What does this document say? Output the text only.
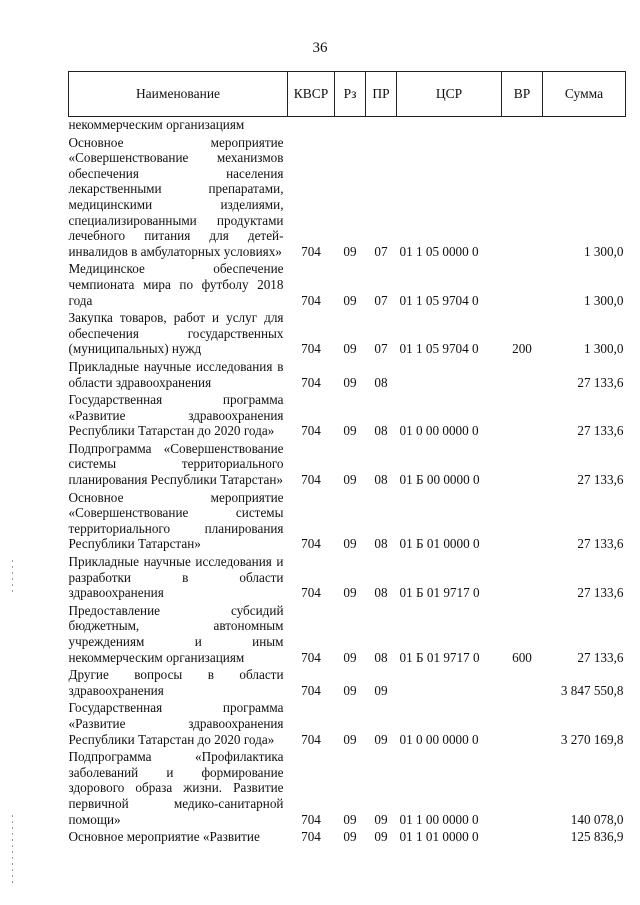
36
Наименование	КВСР	Рз	ПР	ЦСР	ВР	Сумма
некоммерческим организациям						
Основное мероприятие «Совершенствование механизмов обеспечения населения лекарственными препаратами, медицинскими изделиями, специализированными продуктами лечебного питания для детей-инвалидов в амбулаторных условиях»	704	09	07	01 1 05 0000 0		1 300,0
Медицинское обеспечение чемпионата мира по футболу 2018 года	704	09	07	01 1 05 9704 0		1 300,0
Закупка товаров, работ и услуг для обеспечения государственных (муниципальных) нужд	704	09	07	01 1 05 9704 0	200	1 300,0
Прикладные научные исследования в области здравоохранения	704	09	08			27 133,6
Государственная программа «Развитие здравоохранения Республики Татарстан до 2020 года»	704	09	08	01 0 00 0000 0		27 133,6
Подпрограмма «Совершенствование системы территориального планирования Республики Татарстан»	704	09	08	01 Б 00 0000 0		27 133,6
Основное мероприятие «Совершенствование системы территориального планирования Республики Татарстан»	704	09	08	01 Б 01 0000 0		27 133,6
Прикладные научные исследования и разработки в области здравоохранения	704	09	08	01 Б 01 9717 0		27 133,6
Предоставление субсидий бюджетным, автономным учреждениям и иным некоммерческим организациям	704	09	08	01 Б 01 9717 0	600	27 133,6
Другие вопросы в области здравоохранения	704	09	09			3 847 550,8
Государственная программа «Развитие здравоохранения Республики Татарстан до 2020 года»	704	09	09	01 0 00 0000 0		3 270 169,8
Подпрограмма «Профилактика заболеваний и формирование здорового образа жизни. Развитие первичной медико-санитарной помощи»	704	09	09	01 1 00 0000 0		140 078,0
Основное мероприятие «Развитие	704	09	09	01 1 01 0000 0		125 836,9
